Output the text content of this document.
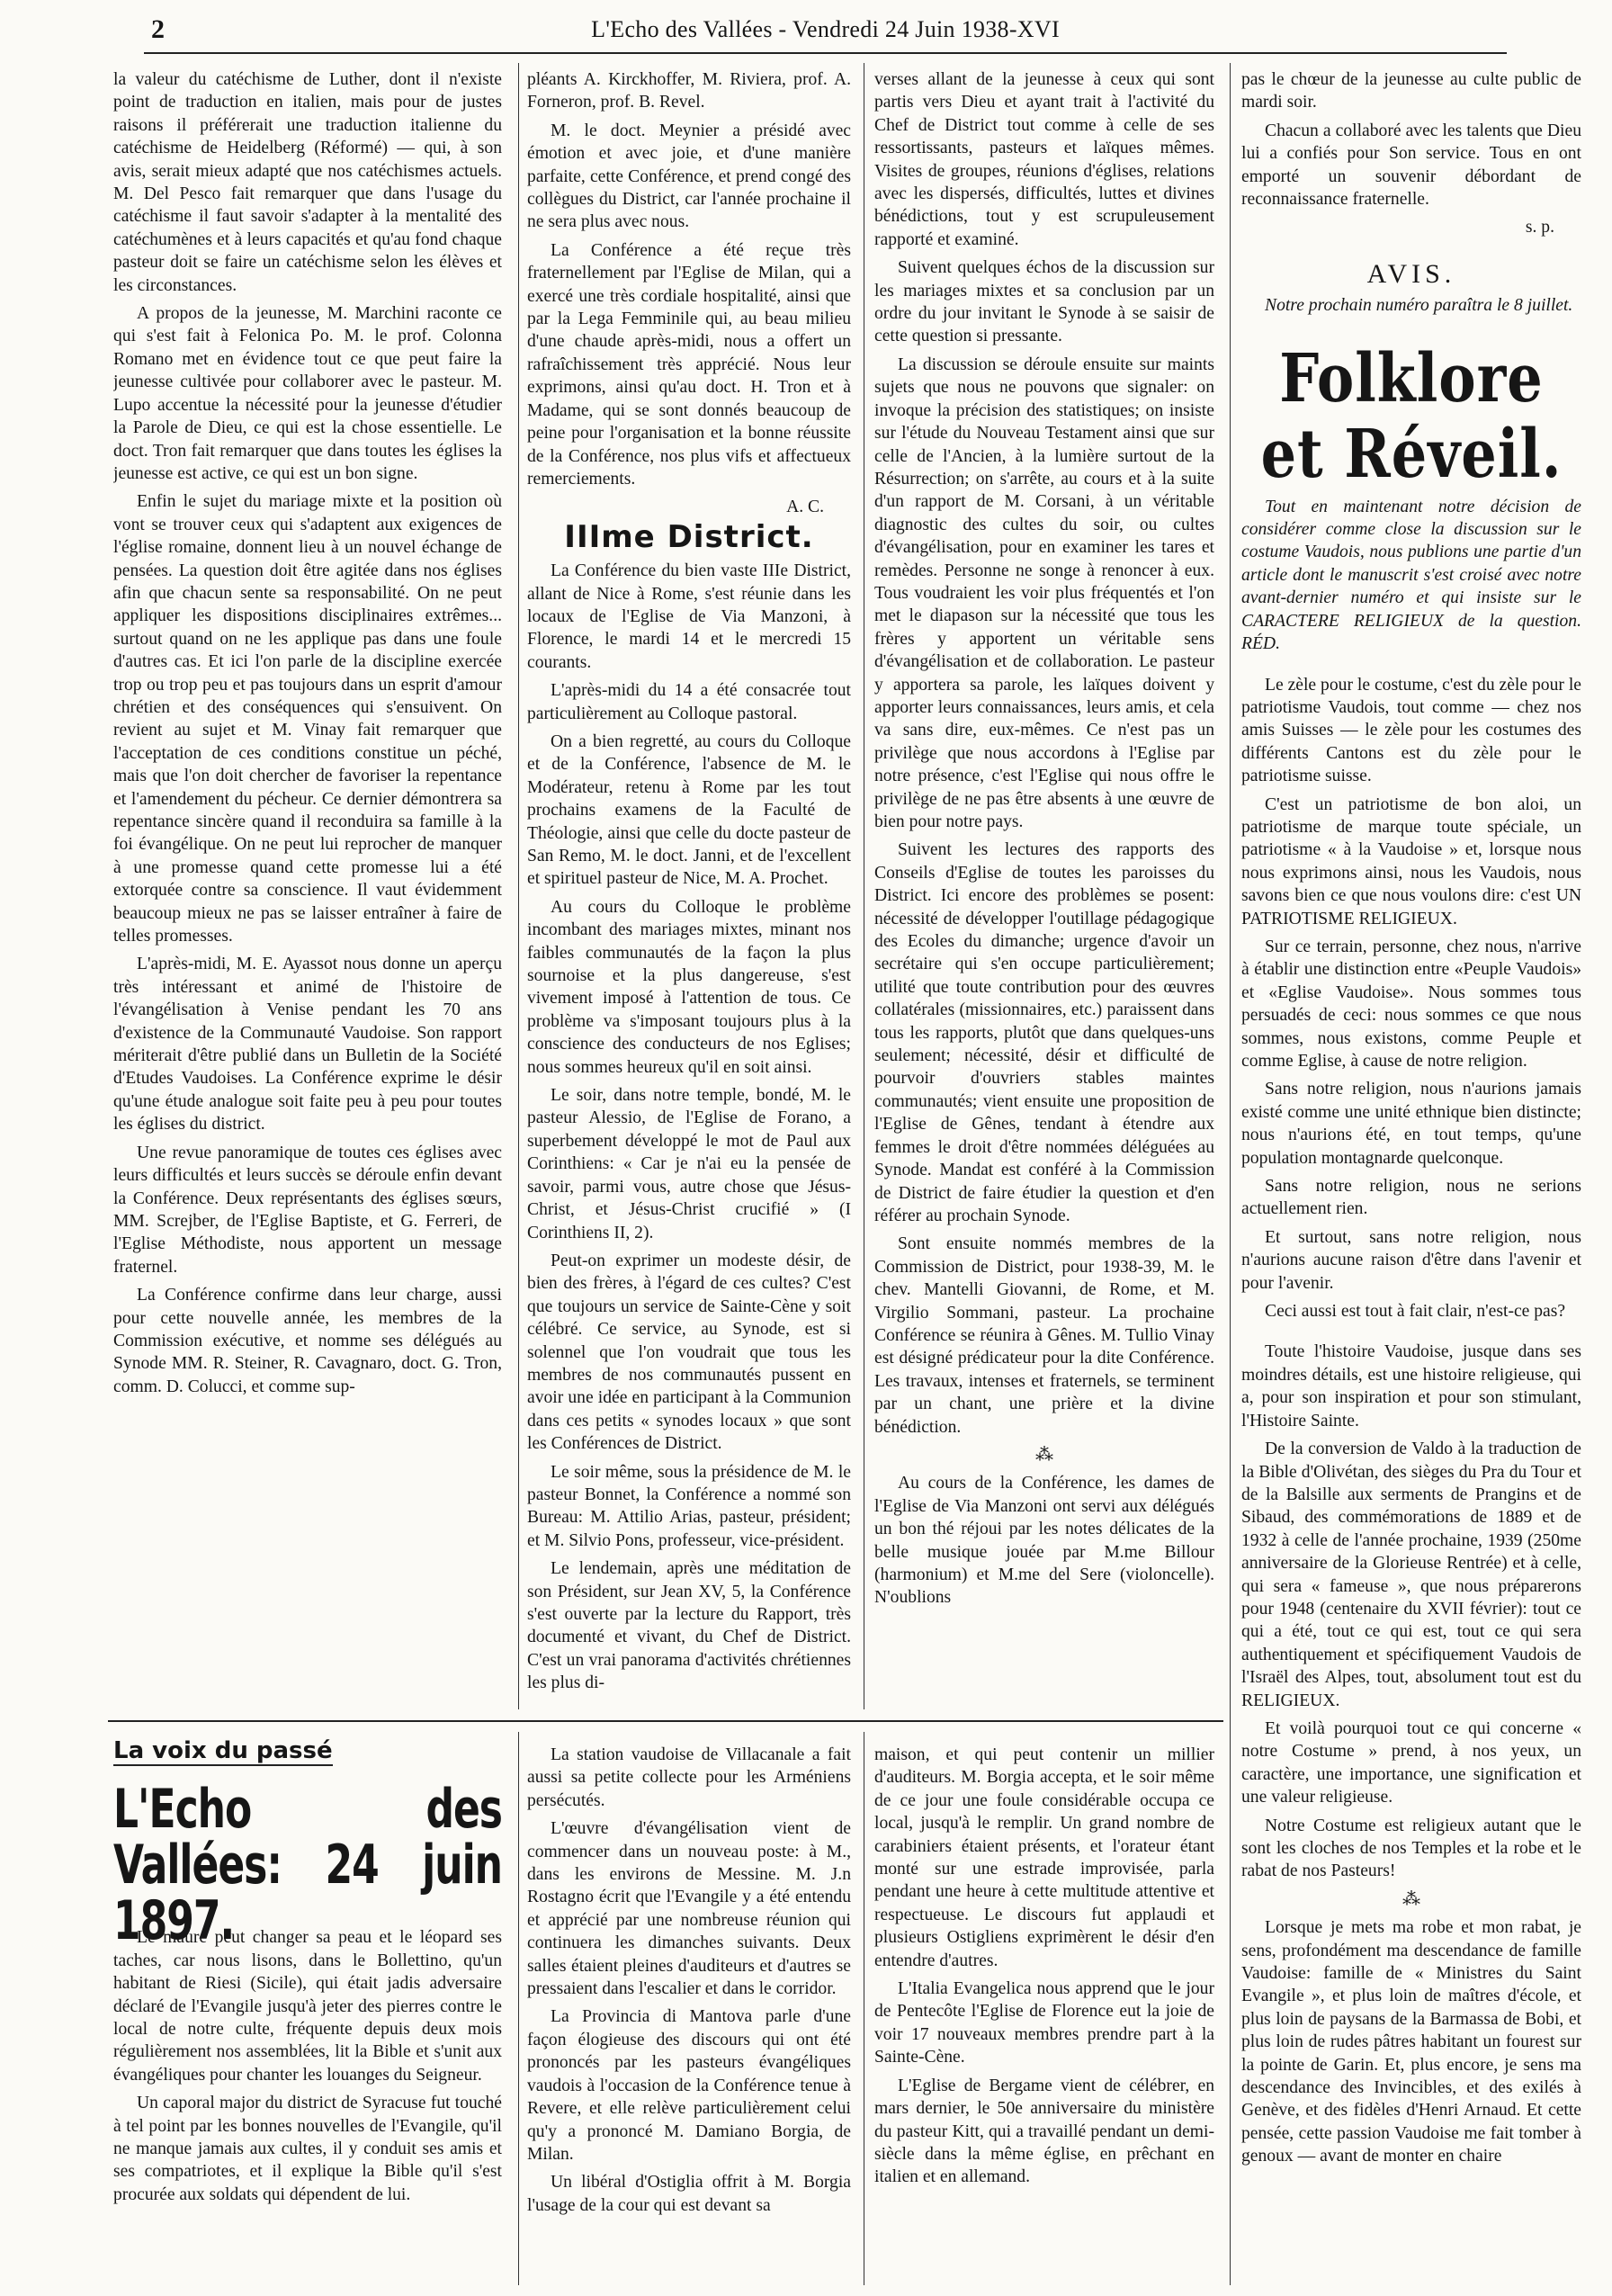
2	L'Echo des Vallées - Vendredi 24 Juin 1938-XVI

la valeur du catéchisme de Luther, dont il n'existe point de traduction en italien, mais pour de justes raisons il préférerait une traduction italienne du catéchisme de Heidelberg (Réformé) — qui, à son avis, serait mieux adapté que nos catéchismes actuels. M. Del Pesco fait remarquer que dans l'usage du catéchisme il faut savoir s'adapter à la mentalité des catéchumènes et à leurs capacités et qu'au fond chaque pasteur doit se faire un catéchisme selon les élèves et les circonstances.

A propos de la jeunesse, M. Marchini raconte ce qui s'est fait à Felonica Po. M. le prof. Colonna Romano met en évidence tout ce que peut faire la jeunesse cultivée pour collaborer avec le pasteur. M. Lupo accentue la nécessité pour la jeunesse d'étudier la Parole de Dieu, ce qui est la chose essentielle. Le doct. Tron fait remarquer que dans toutes les églises la jeunesse est active, ce qui est un bon signe.

Enfin le sujet du mariage mixte et la position où vont se trouver ceux qui s'adaptent aux exigences de l'église romaine, donnent lieu à un nouvel échange de pensées. La question doit être agitée dans nos églises afin que chacun sente sa responsabilité. On ne peut appliquer les dispositions disciplinaires extrêmes... surtout quand on ne les applique pas dans une foule d'autres cas. Et ici l'on parle de la discipline exercée trop ou trop peu et pas toujours dans un esprit d'amour chrétien et des conséquences qui s'ensuivent. On revient au sujet et M. Vinay fait remarquer que l'acceptation de ces conditions constitue un péché, mais que l'on doit chercher de favoriser la repentance et l'amendement du pécheur. Ce dernier démontrera sa repentance sincère quand il reconduira sa famille à la foi évangélique. On ne peut lui reprocher de manquer à une promesse quand cette promesse lui a été extorquée contre sa conscience. Il vaut évidemment beaucoup mieux ne pas se laisser entraîner à faire de telles promesses.

L'après-midi, M. E. Ayassot nous donne un aperçu très intéressant et animé de l'histoire de l'évangélisation à Venise pendant les 70 ans d'existence de la Communauté Vaudoise. Son rapport mériterait d'être publié dans un Bulletin de la Société d'Etudes Vaudoises. La Conférence exprime le désir qu'une étude analogue soit faite peu à peu pour toutes les églises du district.

Une revue panoramique de toutes ces églises avec leurs difficultés et leurs succès se déroule enfin devant la Conférence. Deux représentants des églises sœurs, MM. Screjber, de l'Eglise Baptiste, et G. Ferreri, de l'Eglise Méthodiste, nous apportent un message fraternel.

La Conférence confirme dans leur charge, aussi pour cette nouvelle année, les membres de la Commission exécutive, et nomme ses délégués au Synode MM. R. Steiner, R. Cavagnaro, doct. G. Tron, comm. D. Colucci, et comme sup-

pléants A. Kirckhoffer, M. Riviera, prof. A. Forneron, prof. B. Revel.

M. le doct. Meynier a présidé avec émotion et avec joie, et d'une manière parfaite, cette Conférence, et prend congé des collègues du District, car l'année prochaine il ne sera plus avec nous.

La Conférence a été reçue très fraternellement par l'Eglise de Milan, qui a exercé une très cordiale hospitalité, ainsi que par la Lega Femminile qui, au beau milieu d'une chaude après-midi, nous a offert un rafraîchissement très apprécié. Nous leur exprimons, ainsi qu'au doct. H. Tron et à Madame, qui se sont donnés beaucoup de peine pour l'organisation et la bonne réussite de la Conférence, nos plus vifs et affectueux remerciements.

A. C.

IIIme District.

La Conférence du bien vaste IIIe District, allant de Nice à Rome, s'est réunie dans les locaux de l'Eglise de Via Manzoni, à Florence, le mardi 14 et le mercredi 15 courants.

L'après-midi du 14 a été consacrée tout particulièrement au Colloque pastoral.

On a bien regretté, au cours du Colloque et de la Conférence, l'absence de M. le Modérateur, retenu à Rome par les tout prochains examens de la Faculté de Théologie, ainsi que celle du docte pasteur de San Remo, M. le doct. Janni, et de l'excellent et spirituel pasteur de Nice, M. A. Prochet.

Au cours du Colloque le problème incombant des mariages mixtes, minant nos faibles communautés de la façon la plus sournoise et la plus dangereuse, s'est vivement imposé à l'attention de tous. Ce problème va s'imposant toujours plus à la conscience des conducteurs de nos Eglises; nous sommes heureux qu'il en soit ainsi.

Le soir, dans notre temple, bondé, M. le pasteur Alessio, de l'Eglise de Forano, a superbement développé le mot de Paul aux Corinthiens: « Car je n'ai eu la pensée de savoir, parmi vous, autre chose que Jésus-Christ, et Jésus-Christ crucifié » (I Corinthiens II, 2).

Peut-on exprimer un modeste désir, de bien des frères, à l'égard de ces cultes? C'est que toujours un service de Sainte-Cène y soit célébré. Ce service, au Synode, est si solennel que l'on voudrait que tous les membres de nos communautés pussent en avoir une idée en participant à la Communion dans ces petits « synodes locaux » que sont les Conférences de District.

Le soir même, sous la présidence de M. le pasteur Bonnet, la Conférence a nommé son Bureau: M. Attilio Arias, pasteur, président; et M. Silvio Pons, professeur, vice-président.

Le lendemain, après une méditation de son Président, sur Jean XV, 5, la Conférence s'est ouverte par la lecture du Rapport, très documenté et vivant, du Chef de District. C'est un vrai panorama d'activités chrétiennes les plus di-

verses allant de la jeunesse à ceux qui sont partis vers Dieu et ayant trait à l'activité du Chef de District tout comme à celle de ses ressortissants, pasteurs et laïques mêmes. Visites de groupes, réunions d'églises, relations avec les dispersés, difficultés, luttes et divines bénédictions, tout y est scrupuleusement rapporté et examiné.

Suivent quelques échos de la discussion sur les mariages mixtes et sa conclusion par un ordre du jour invitant le Synode à se saisir de cette question si pressante.

La discussion se déroule ensuite sur maints sujets que nous ne pouvons que signaler: on invoque la précision des statistiques; on insiste sur l'étude du Nouveau Testament ainsi que sur celle de l'Ancien, à la lumière surtout de la Résurrection; on s'arrête, au cours et à la suite d'un rapport de M. Corsani, à un véritable diagnostic des cultes du soir, ou cultes d'évangélisation, pour en examiner les tares et remèdes. Personne ne songe à renoncer à eux. Tous voudraient les voir plus fréquentés et l'on met le diapason sur la nécessité que tous les frères y apportent un véritable sens d'évangélisation et de collaboration. Le pasteur y apportera sa parole, les laïques doivent y apporter leurs connaissances, leurs amis, et cela va sans dire, eux-mêmes. Ce n'est pas un privilège que nous accordons à l'Eglise par notre présence, c'est l'Eglise qui nous offre le privilège de ne pas être absents à une œuvre de bien pour notre pays.

Suivent les lectures des rapports des Conseils d'Eglise de toutes les paroisses du District. Ici encore des problèmes se posent: nécessité de développer l'outillage pédagogique des Ecoles du dimanche; urgence d'avoir un secrétaire qui s'en occupe particulièrement; utilité que toute contribution pour des œuvres collatérales (missionnaires, etc.) paraissent dans tous les rapports, plutôt que dans quelques-uns seulement; nécessité, désir et difficulté de pourvoir d'ouvriers stables maintes communautés; vient ensuite une proposition de l'Eglise de Gênes, tendant à étendre aux femmes le droit d'être nommées déléguées au Synode. Mandat est conféré à la Commission de District de faire étudier la question et d'en référer au prochain Synode.

Sont ensuite nommés membres de la Commission de District, pour 1938-39, M. le chev. Mantelli Giovanni, de Rome, et M. Virgilio Sommani, pasteur. La prochaine Conférence se réunira à Gênes. M. Tullio Vinay est désigné prédicateur pour la dite Conférence. Les travaux, intenses et fraternels, se terminent par un chant, une prière et la divine bénédiction.

⁂

Au cours de la Conférence, les dames de l'Eglise de Via Manzoni ont servi aux délégués un bon thé réjoui par les notes délicates de la belle musique jouée par M.me Billour (harmonium) et M.me del Sere (violoncelle). N'oublions

pas le chœur de la jeunesse au culte public de mardi soir.

Chacun a collaboré avec les talents que Dieu lui a confiés pour Son service. Tous en ont emporté un souvenir débordant de reconnaissance fraternelle.

s. p.

AVIS.

Notre prochain numéro paraîtra le 8 juillet.

Folklore et Réveil.

Tout en maintenant notre décision de considérer comme close la discussion sur le costume Vaudois, nous publions une partie d'un article dont le manuscrit s'est croisé avec notre avant-dernier numéro et qui insiste sur le CARACTERE RELIGIEUX de la question. RÉD.

Le zèle pour le costume, c'est du zèle pour le patriotisme Vaudois, tout comme — chez nos amis Suisses — le zèle pour les costumes des différents Cantons est du zèle pour le patriotisme suisse.

C'est un patriotisme de bon aloi, un patriotisme de marque toute spéciale, un patriotisme « à la Vaudoise » et, lorsque nous nous exprimons ainsi, nous les Vaudois, nous savons bien ce que nous voulons dire: c'est UN PATRIOTISME RELIGIEUX.

Sur ce terrain, personne, chez nous, n'arrive à établir une distinction entre «Peuple Vaudois» et «Eglise Vaudoise». Nous sommes tous persuadés de ceci: nous sommes ce que nous sommes, nous existons, comme Peuple et comme Eglise, à cause de notre religion.

Sans notre religion, nous n'aurions jamais existé comme une unité ethnique bien distincte; nous n'aurions été, en tout temps, qu'une population montagnarde quelconque.

Sans notre religion, nous ne serions actuellement rien.

Et surtout, sans notre religion, nous n'aurions aucune raison d'être dans l'avenir et pour l'avenir.

Ceci aussi est tout à fait clair, n'est-ce pas?

Toute l'histoire Vaudoise, jusque dans ses moindres détails, est une histoire religieuse, qui a, pour son inspiration et pour son stimulant, l'Histoire Sainte.

De la conversion de Valdo à la traduction de la Bible d'Olivétan, des sièges du Pra du Tour et de la Balsille aux serments de Prangins et de Sibaud, des commémorations de 1889 et de 1932 à celle de l'année prochaine, 1939 (250me anniversaire de la Glorieuse Rentrée) et à celle, qui sera « fameuse », que nous préparerons pour 1948 (centenaire du XVII février): tout ce qui a été, tout ce qui est, tout ce qui sera authentiquement et spécifiquement Vaudois de l'Israël des Alpes, tout, absolument tout est du RELIGIEUX.

Et voilà pourquoi tout ce qui concerne « notre Costume » prend, à nos yeux, un caractère, une importance, une signification et une valeur religieuse.

Notre Costume est religieux autant que le sont les cloches de nos Temples et la robe et le rabat de nos Pasteurs!

⁂

Lorsque je mets ma robe et mon rabat, je sens, profondément ma descendance de famille Vaudoise: famille de « Ministres du Saint Evangile », et plus loin de maîtres d'école, et plus loin de paysans de la Barmassa de Bobi, et plus loin de rudes pâtres habitant un fourest sur la pointe de Garin. Et, plus encore, je sens ma descendance des Invincibles, et des exilés à Genève, et des fidèles d'Henri Arnaud. Et cette pensée, cette passion Vaudoise me fait tomber à genoux — avant de monter en chaire

La voix du passé
L'Echo des Vallées: 24 juin 1897.

Le maure peut changer sa peau et le léopard ses taches, car nous lisons, dans le Bollettino, qu'un habitant de Riesi (Sicile), qui était jadis adversaire déclaré de l'Evangile jusqu'à jeter des pierres contre le local de notre culte, fréquente depuis deux mois régulièrement nos assemblées, lit la Bible et s'unit aux évangéliques pour chanter les louanges du Seigneur.

Un caporal major du district de Syracuse fut touché à tel point par les bonnes nouvelles de l'Evangile, qu'il ne manque jamais aux cultes, il y conduit ses amis et ses compatriotes, et il explique la Bible qu'il s'est procurée aux soldats qui dépendent de lui.

La station vaudoise de Villacanale a fait aussi sa petite collecte pour les Arméniens persécutés.

L'œuvre d'évangélisation vient de commencer dans un nouveau poste: à M., dans les environs de Messine. M. J.n Rostagno écrit que l'Evangile y a été entendu et apprécié par une nombreuse réunion qui continuera les dimanches suivants. Deux salles étaient pleines d'auditeurs et d'autres se pressaient dans l'escalier et dans le corridor.

La Provincia di Mantova parle d'une façon élogieuse des discours qui ont été prononcés par les pasteurs évangéliques vaudois à l'occasion de la Conférence tenue à Revere, et elle relève particulièrement celui qu'y a prononcé M. Damiano Borgia, de Milan.

Un libéral d'Ostiglia offrit à M. Borgia l'usage de la cour qui est devant sa

maison, et qui peut contenir un millier d'auditeurs. M. Borgia accepta, et le soir même de ce jour une foule considérable occupa ce local, jusqu'à le remplir. Un grand nombre de carabiniers étaient présents, et l'orateur étant monté sur une estrade improvisée, parla pendant une heure à cette multitude attentive et respectueuse. Le discours fut applaudi et plusieurs Ostigliens exprimèrent le désir d'en entendre d'autres.

L'Italia Evangelica nous apprend que le jour de Pentecôte l'Eglise de Florence eut la joie de voir 17 nouveaux membres prendre part à la Sainte-Cène.

L'Eglise de Bergame vient de célébrer, en mars dernier, le 50e anniversaire du ministère du pasteur Kitt, qui a travaillé pendant un demi-siècle dans la même église, en prêchant en italien et en allemand.
